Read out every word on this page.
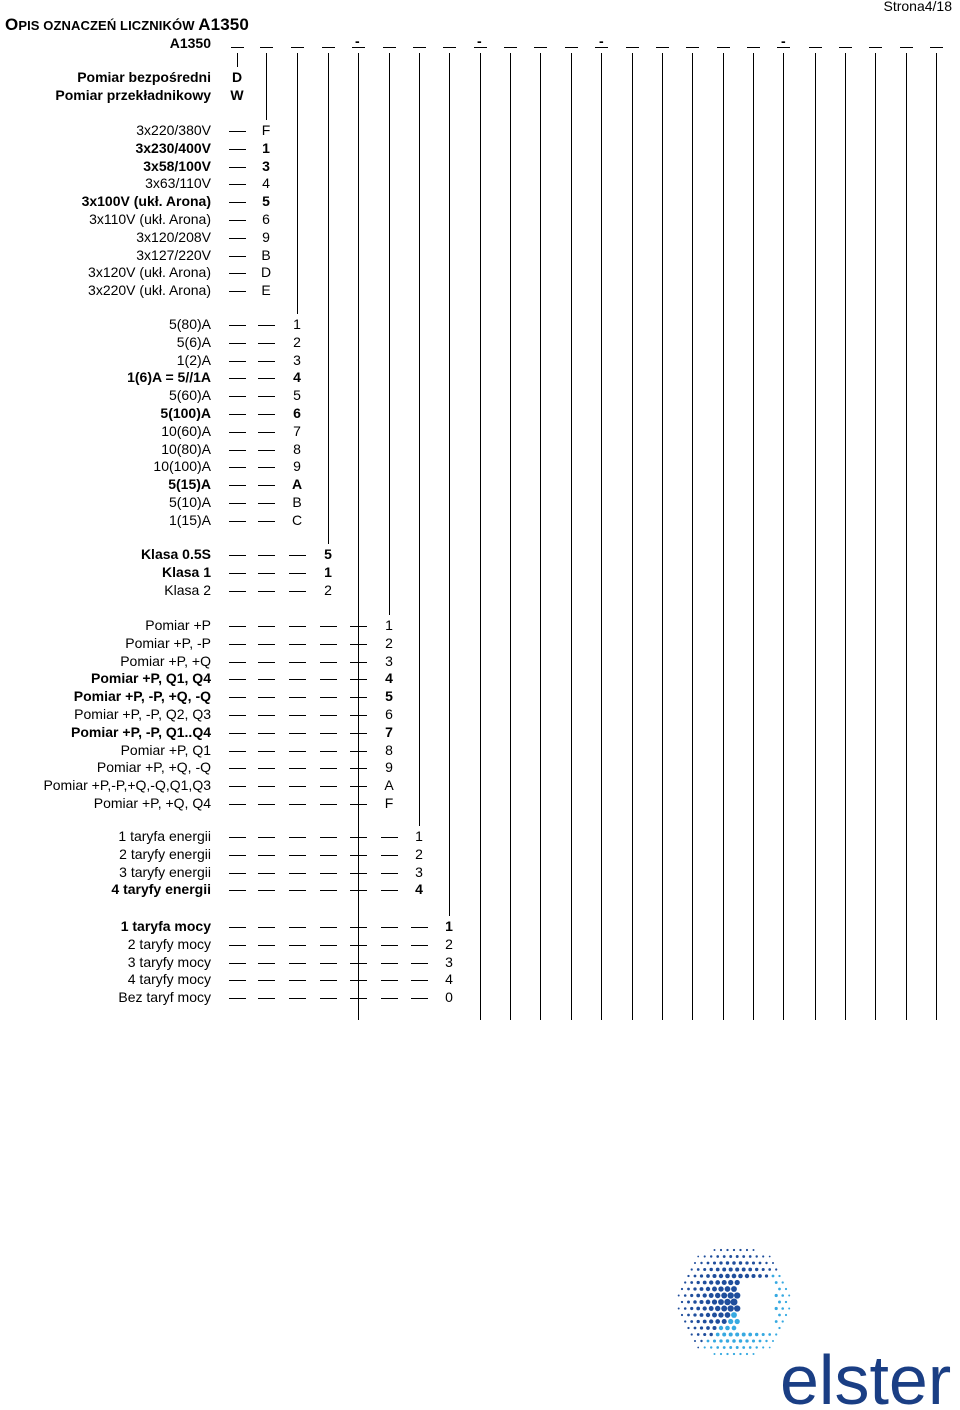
Strona4/18
OPIS OZNACZEŃ LICZNIKÓW A1350
A1350	-	-	-	-
Pomiar bezpośredni D
Pomiar przekładnikowy W
3x220/380V	F
3x230/400V	1
3x58/100V	3
3x63/110V	4
3x100V (ukł. Arona)	5
3x110V (ukł. Arona)	6
3x120/208V	9
3x127/220V	B
3x120V (ukł. Arona)	D
3x220V (ukł. Arona)	E
5(80)A	1
5(6)A	2
1(2)A	3
1(6)A = 5//1A	4
5(60)A	5
5(100)A	6
10(60)A	7
10(80)A	8
10(100)A	9
5(15)A	A
5(10)A	B
1(15)A	C
Klasa 0.5S	5
Klasa 1	1
Klasa 2	2
Pomiar +P	1
Pomiar +P, -P	2
Pomiar +P, +Q	3
Pomiar +P, Q1, Q4	4
Pomiar +P, -P, +Q, -Q	5
Pomiar +P, -P, Q2, Q3	6
Pomiar +P, -P, Q1..Q4	7
Pomiar +P, Q1	8
Pomiar +P, +Q, -Q	9
Pomiar +P,-P,+Q,-Q,Q1,Q3	A
Pomiar +P, +Q, Q4	F
1 taryfa energii	1
2 taryfy energii	2
3 taryfy energii	3
4 taryfy energii	4
1 taryfa mocy	1
2 taryfy mocy	2
3 taryfy mocy	3
4 taryfy mocy	4
Bez taryf mocy	0
elster
